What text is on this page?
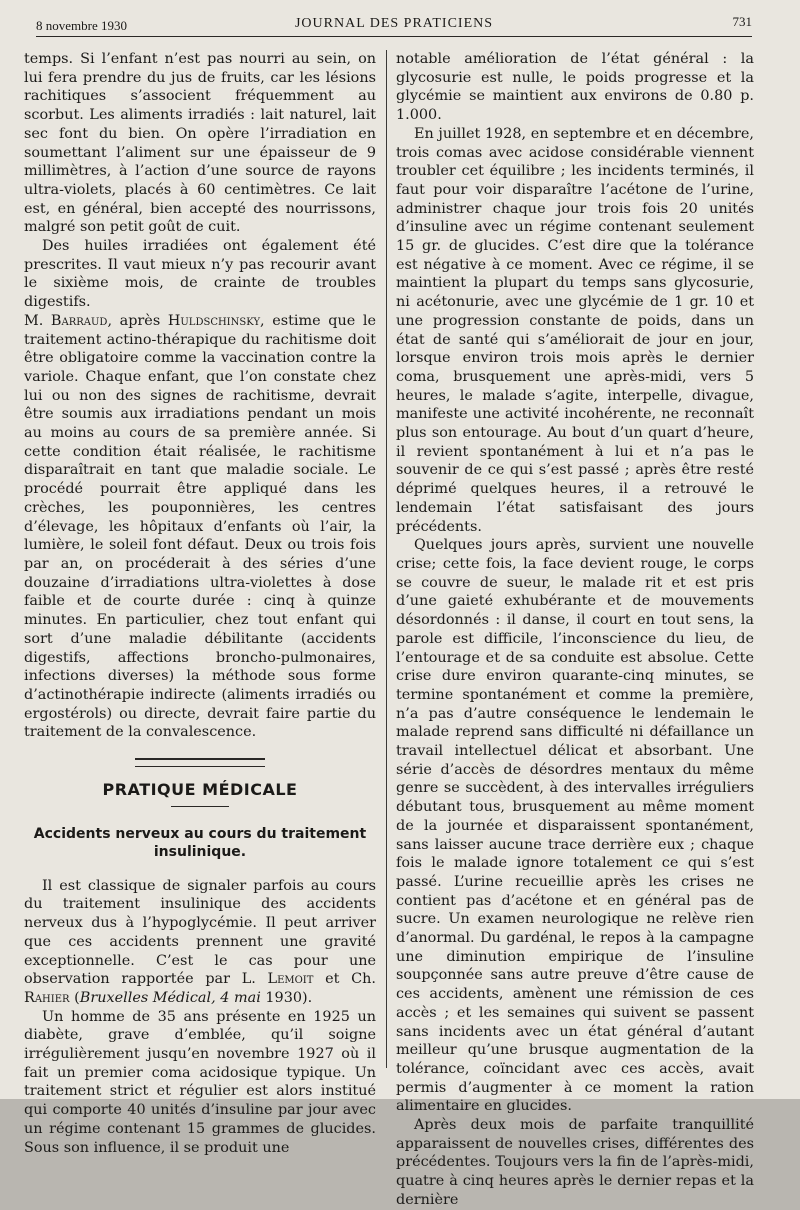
8 novembre 1930	JOURNAL DES PRATICIENS	731

temps. Si l’enfant n’est pas nourri au sein, on lui fera prendre du jus de fruits, car les lésions rachitiques s’associent fréquemment au scorbut. Les aliments irradiés : lait naturel, lait sec font du bien. On opère l’irradiation en soumettant l’aliment sur une épaisseur de 9 millimètres, à l’action d’une source de rayons ultra-violets, placés à 60 centimètres. Ce lait est, en général, bien accepté des nourrissons, malgré son petit goût de cuit.

Des huiles irradiées ont également été prescrites. Il vaut mieux n’y pas recourir avant le sixième mois, de crainte de troubles digestifs.

M. Barraud, après Huldschinsky, estime que le traitement actino-thérapique du rachitisme doit être obligatoire comme la vaccination contre la variole. Chaque enfant, que l’on constate chez lui ou non des signes de rachitisme, devrait être soumis aux irradiations pendant un mois au moins au cours de sa première année. Si cette condition était réalisée, le rachitisme disparaîtrait en tant que maladie sociale. Le procédé pourrait être appliqué dans les crèches, les pouponnières, les centres d’élevage, les hôpitaux d’enfants où l’air, la lumière, le soleil font défaut. Deux ou trois fois par an, on procéderait à des séries d’une douzaine d’irradiations ultra-violettes à dose faible et de courte durée : cinq à quinze minutes. En particulier, chez tout enfant qui sort d’une maladie débilitante (accidents digestifs, affections broncho-pulmonaires, infections diverses) la méthode sous forme d’actinothérapie indirecte (aliments irradiés ou ergostérols) ou directe, devrait faire partie du traitement de la convalescence.

PRATIQUE MÉDICALE

Accidents nerveux au cours du traitement insulinique.

Il est classique de signaler parfois au cours du traitement insulinique des accidents nerveux dus à l’hypoglycémie. Il peut arriver que ces accidents prennent une gravité exceptionnelle. C’est le cas pour une observation rapportée par L. Lemoit et Ch. Rahier (Bruxelles Médical, 4 mai 1930).

Un homme de 35 ans présente en 1925 un diabète, grave d’emblée, qu’il soigne irrégulièrement jusqu’en novembre 1927 où il fait un premier coma acidosique typique. Un traitement strict et régulier est alors institué qui comporte 40 unités d’insuline par jour avec un régime contenant 15 grammes de glucides. Sous son influence, il se produit une

notable amélioration de l’état général : la glycosurie est nulle, le poids progresse et la glycémie se maintient aux environs de 0.80 p. 1.000.

En juillet 1928, en septembre et en décembre, trois comas avec acidose considérable viennent troubler cet équilibre ; les incidents terminés, il faut pour voir disparaître l’acétone de l’urine, administrer chaque jour trois fois 20 unités d’insuline avec un régime contenant seulement 15 gr. de glucides. C’est dire que la tolérance est négative à ce moment. Avec ce régime, il se maintient la plupart du temps sans glycosurie, ni acétonurie, avec une glycémie de 1 gr. 10 et une progression constante de poids, dans un état de santé qui s’améliorait de jour en jour, lorsque environ trois mois après le dernier coma, brusquement une après-midi, vers 5 heures, le malade s’agite, interpelle, divague, manifeste une activité incohérente, ne reconnaît plus son entourage. Au bout d’un quart d’heure, il revient spontanément à lui et n’a pas le souvenir de ce qui s’est passé ; après être resté déprimé quelques heures, il a retrouvé le lendemain l’état satisfaisant des jours précédents.

Quelques jours après, survient une nouvelle crise; cette fois, la face devient rouge, le corps se couvre de sueur, le malade rit et est pris d’une gaieté exhubérante et de mouvements désordonnés : il danse, il court en tout sens, la parole est difficile, l’inconscience du lieu, de l’entourage et de sa conduite est absolue. Cette crise dure environ quarante-cinq minutes, se termine spontanément et comme la première, n’a pas d’autre conséquence le lendemain le malade reprend sans difficulté ni défaillance un travail intellectuel délicat et absorbant. Une série d’accès de désordres mentaux du même genre se succèdent, à des intervalles irréguliers débutant tous, brusquement au même moment de la journée et disparaissent spontanément, sans laisser aucune trace derrière eux ; chaque fois le malade ignore totalement ce qui s’est passé. L’urine recueillie après les crises ne contient pas d’acétone et en général pas de sucre. Un examen neurologique ne relève rien d’anormal. Du gardénal, le repos à la campagne une diminution empirique de l’insuline soupçonnée sans autre preuve d’être cause de ces accidents, amènent une rémission de ces accès ; et les semaines qui suivent se passent sans incidents avec un état général d’autant meilleur qu’une brusque augmentation de la tolérance, coïncidant avec ces accès, avait permis d’augmenter à ce moment la ration alimentaire en glucides.

Après deux mois de parfaite tranquillité apparaissent de nouvelles crises, différentes des précédentes. Toujours vers la fin de l’après-midi, quatre à cinq heures après le dernier repas et la dernière
